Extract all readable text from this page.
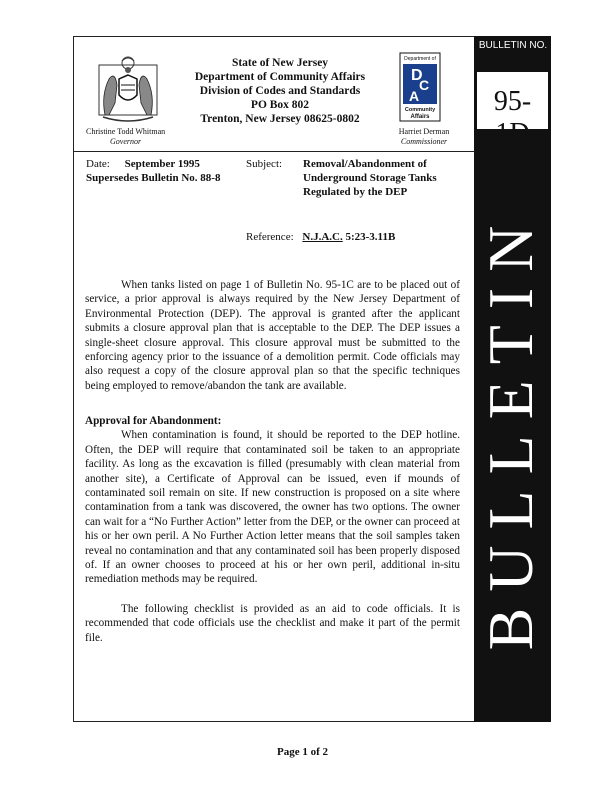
BULLETIN NO.
95-1D
BULLETIN
Department of
D
C
A
Community
Affairs
State of New Jersey
Department of Community Affairs
Division of Codes and Standards
PO Box 802
Trenton, New Jersey 08625-0802
Christine Todd Whitman
Governor
Harriet Derman
Commissioner
Date: September 1995
Supersedes Bulletin No. 88-8
Subject: Removal/Abandonment of
Underground Storage Tanks
Regulated by the DEP
Reference: N.J.A.C. 5:23-3.11B

When tanks listed on page 1 of Bulletin No. 95-1C are to be placed out of service, a prior approval is always required by the New Jersey Department of Environmental Protection (DEP). The approval is granted after the applicant submits a closure approval plan that is acceptable to the DEP. The DEP issues a single-sheet closure approval. This closure approval must be submitted to the enforcing agency prior to the issuance of a demolition permit. Code officials may also request a copy of the closure approval plan so that the specific techniques being employed to remove/abandon the tank are available.

Approval for Abandonment:

When contamination is found, it should be reported to the DEP hotline. Often, the DEP will require that contaminated soil be taken to an appropriate facility. As long as the excavation is filled (presumably with clean material from another site), a Certificate of Approval can be issued, even if mounds of contaminated soil remain on site. If new construction is proposed on a site where contamination from a tank was discovered, the owner has two options. The owner can wait for a “No Further Action” letter from the DEP, or the owner can proceed at his or her own peril. A No Further Action letter means that the soil samples taken reveal no contamination and that any contaminated soil has been properly disposed of. If an owner chooses to proceed at his or her own peril, additional in-situ remediation methods may be required.

The following checklist is provided as an aid to code officials. It is recommended that code officials use the checklist and make it part of the permit file.

Page 1 of 2
